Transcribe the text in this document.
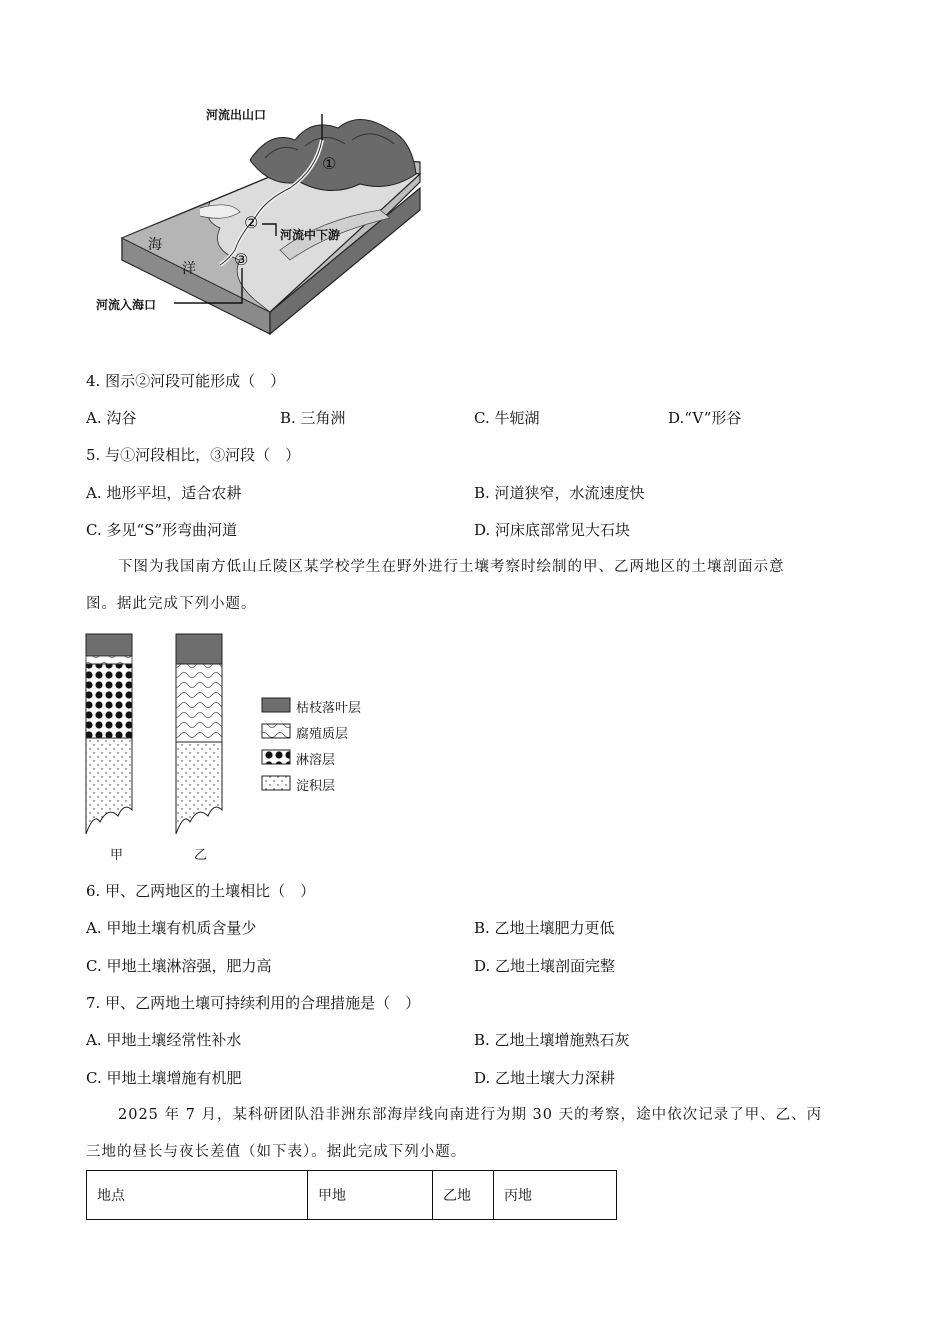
河流出山口
①
②
河流中下游
③
海
洋
河流入海口
4. 图示②河段可能形成（　）
A. 沟谷	B. 三角洲	C. 牛轭湖	D.“V”形谷
5. 与①河段相比，③河段（　）
A. 地形平坦，适合农耕	B. 河道狭窄，水流速度快
C. 多见“S”形弯曲河道	D. 河床底部常见大石块
下图为我国南方低山丘陵区某学校学生在野外进行土壤考察时绘制的甲、乙两地区的土壤剖面示意
图。据此完成下列小题。
枯枝落叶层
腐殖质层
淋溶层
淀积层
甲	乙
6. 甲、乙两地区的土壤相比（　）
A. 甲地土壤有机质含量少	B. 乙地土壤肥力更低
C. 甲地土壤淋溶强，肥力高	D. 乙地土壤剖面完整
7. 甲、乙两地土壤可持续利用的合理措施是（　）
A. 甲地土壤经常性补水	B. 乙地土壤增施熟石灰
C. 甲地土壤增施有机肥	D. 乙地土壤大力深耕
2025 年 7 月，某科研团队沿非洲东部海岸线向南进行为期 30 天的考察，途中依次记录了甲、乙、丙
三地的昼长与夜长差值（如下表）。据此完成下列小题。
地点	甲地	乙地	丙地
